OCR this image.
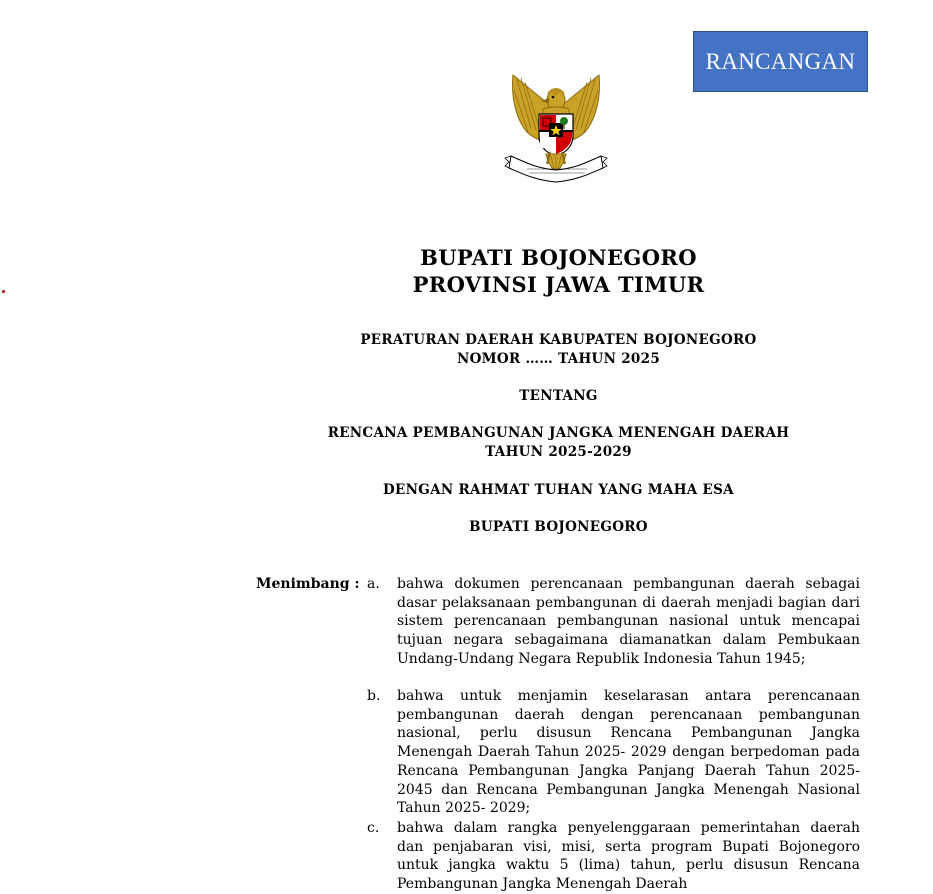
RANCANGAN
BUPATI BOJONEGORO
PROVINSI JAWA TIMUR
PERATURAN DAERAH KABUPATEN BOJONEGORO
NOMOR …… TAHUN 2025
TENTANG
RENCANA PEMBANGUNAN JANGKA MENENGAH DAERAH
TAHUN 2025-2029
DENGAN RAHMAT TUHAN YANG MAHA ESA
BUPATI BOJONEGORO
Menimbang : a. bahwa dokumen perencanaan pembangunan daerah sebagai dasar pelaksanaan pembangunan di daerah menjadi bagian dari sistem perencanaan pembangunan nasional untuk mencapai tujuan negara sebagaimana diamanatkan dalam Pembukaan Undang-Undang Negara Republik Indonesia Tahun 1945;
b. bahwa untuk menjamin keselarasan antara perencanaan pembangunan daerah dengan perencanaan pembangunan nasional, perlu disusun Rencana Pembangunan Jangka Menengah Daerah Tahun 2025- 2029 dengan berpedoman pada Rencana Pembangunan Jangka Panjang Daerah Tahun 2025-2045 dan Rencana Pembangunan Jangka Menengah Nasional Tahun 2025- 2029;
c. bahwa dalam rangka penyelenggaraan pemerintahan daerah dan penjabaran visi, misi, serta program Bupati Bojonegoro untuk jangka waktu 5 (lima) tahun, perlu disusun Rencana Pembangunan Jangka Menengah Daerah
